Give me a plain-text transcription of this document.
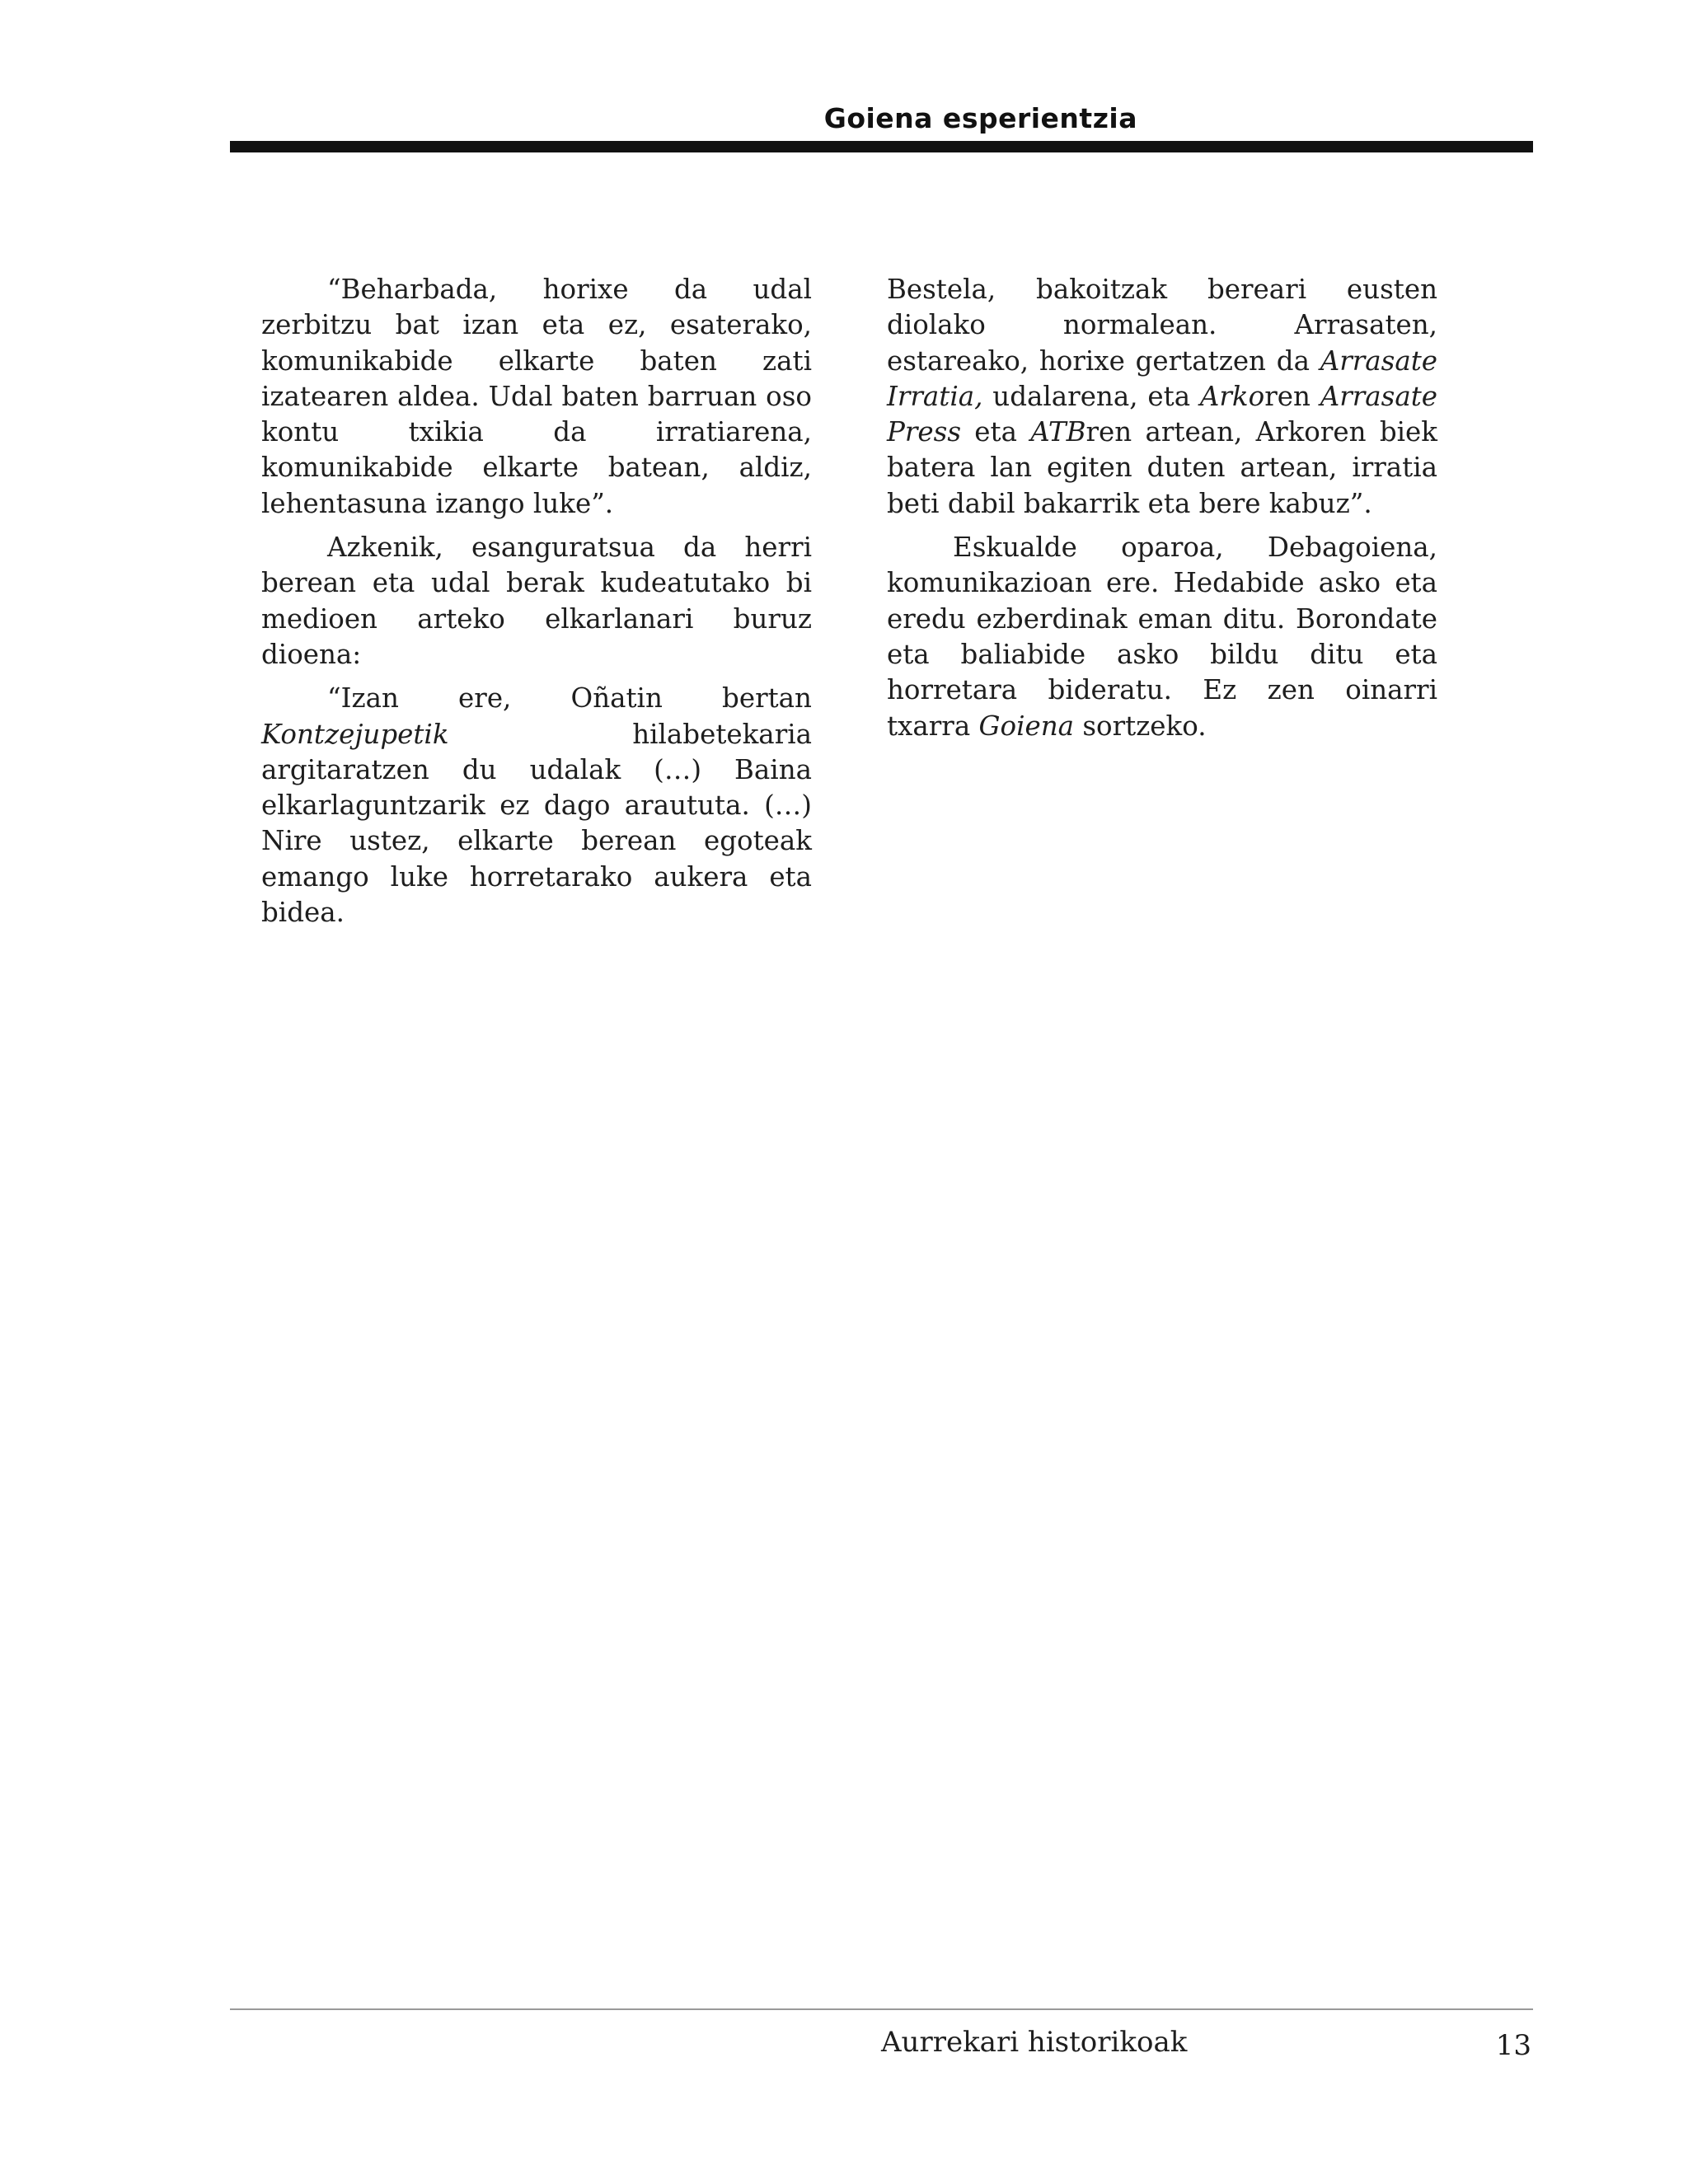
Goiena esperientzia

“Beharbada, horixe da udal zerbitzu bat izan eta ez, esaterako, komunikabide elkarte baten zati izatearen aldea. Udal baten barruan oso kontu txikia da irratiarena, komunikabide elkarte batean, aldiz, lehentasuna izango luke”.

Azkenik, esanguratsua da herri berean eta udal berak kudeatutako bi medioen arteko elkarlanari buruz dioena:

“Izan ere, Oñatin bertan Kontzejupetik hilabetekaria argitaratzen du udalak (…) Baina elkarlaguntzarik ez dago araututa. (…) Nire ustez, elkarte berean egoteak emango luke horretarako aukera eta bidea.

Bestela, bakoitzak bereari eusten diolako normalean. Arrasaten, estareako, horixe gertatzen da Arrasate Irratia, udalarena, eta Arkoren Arrasate Press eta ATBren artean, Arkoren biek batera lan egiten duten artean, irratia beti dabil bakarrik eta bere kabuz”.

Eskualde oparoa, Debagoiena, komunikazioan ere. Hedabide asko eta eredu ezberdinak eman ditu. Borondate eta baliabide asko bildu ditu eta horretara bideratu. Ez zen oinarri txarra Goiena sortzeko.

Aurrekari historikoak	13
